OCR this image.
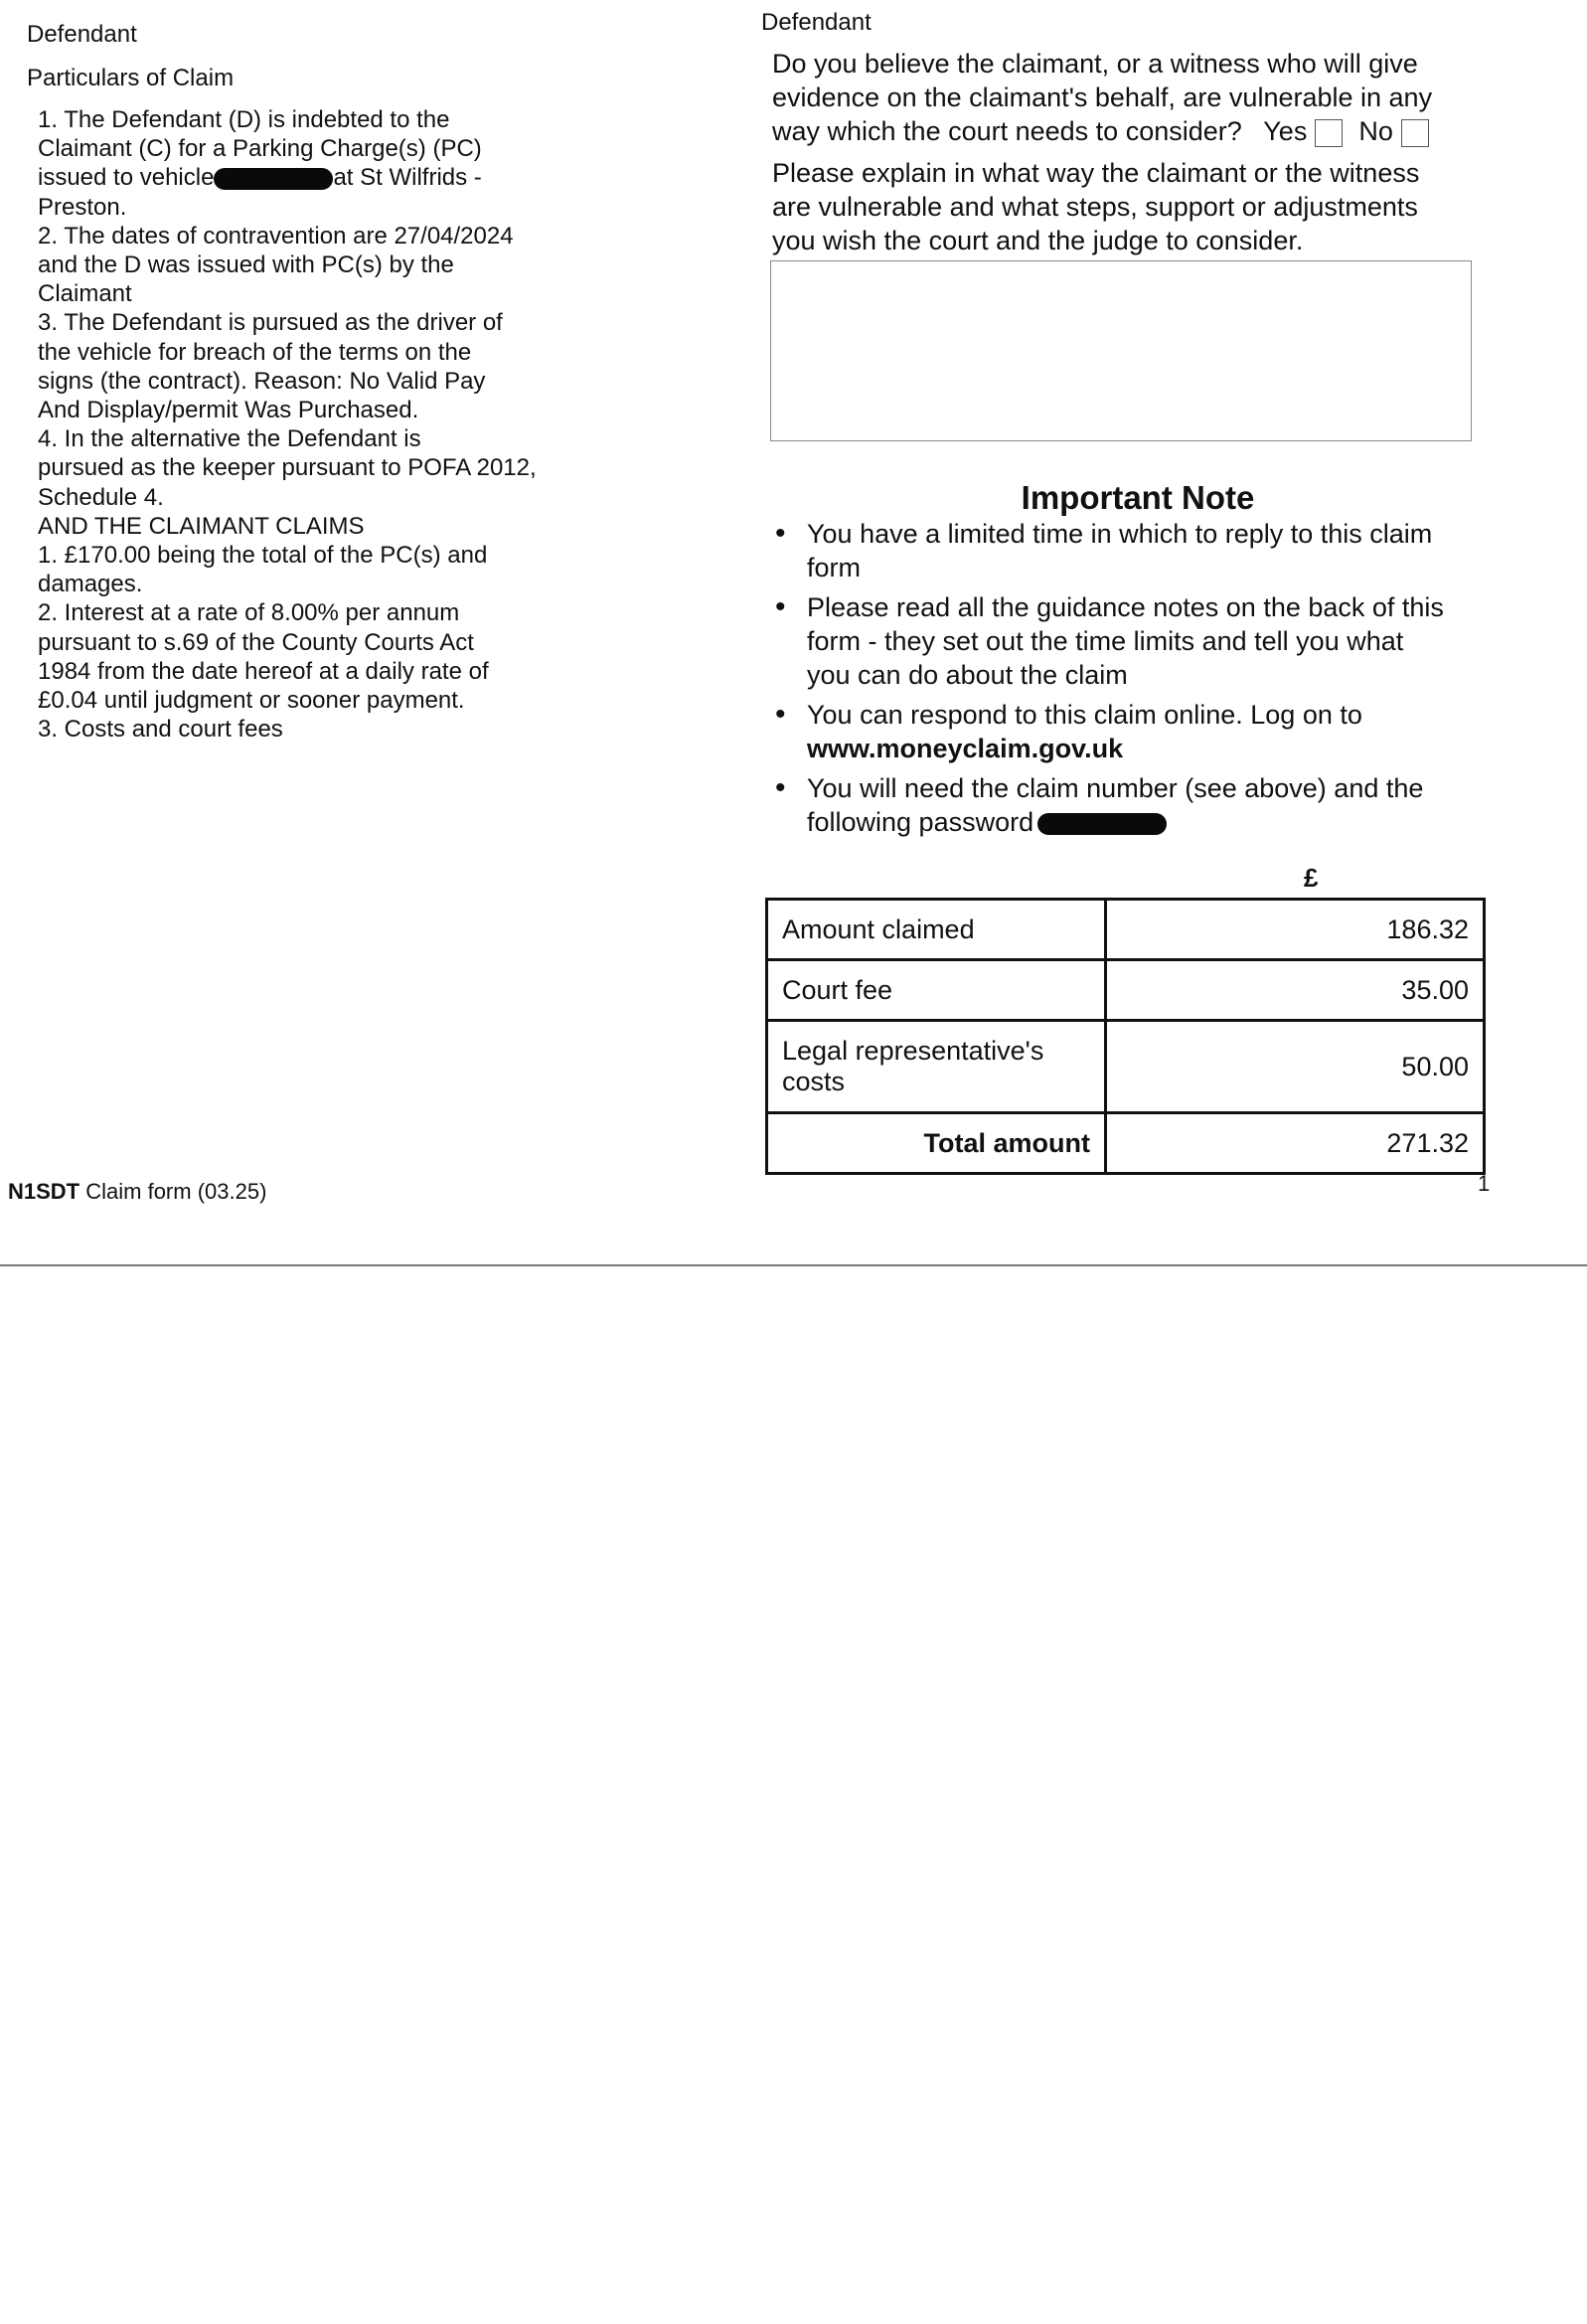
Defendant
Particulars of Claim
1. The Defendant (D) is indebted to the
Claimant (C) for a Parking Charge(s) (PC)
issued to vehicle	at St Wilfrids -
Preston.
2. The dates of contravention are 27/04/2024
and the D was issued with PC(s) by the
Claimant
3. The Defendant is pursued as the driver of
the vehicle for breach of the terms on the
signs (the contract). Reason: No Valid Pay
And Display/permit Was Purchased.
4. In the alternative the Defendant is
pursued as the keeper pursuant to POFA 2012,
Schedule 4.
AND THE CLAIMANT CLAIMS
1. £170.00 being the total of the PC(s) and
damages.
2. Interest at a rate of 8.00% per annum
pursuant to s.69 of the County Courts Act
1984 from the date hereof at a daily rate of
£0.04 until judgment or sooner payment.
3. Costs and court fees
Defendant
Do you believe the claimant, or a witness who will give
evidence on the claimant's behalf, are vulnerable in any
way which the court needs to consider? Yes No
Please explain in what way the claimant or the witness
are vulnerable and what steps, support or adjustments
you wish the court and the judge to consider.
Important Note
• You have a limited time in which to reply to this claim
form
• Please read all the guidance notes on the back of this
form - they set out the time limits and tell you what
you can do about the claim
• You can respond to this claim online. Log on to
www.moneyclaim.gov.uk
• You will need the claim number (see above) and the
following password
£
Amount claimed	186.32
Court fee	35.00

Legal representative's
costs	50.00
Total amount	271.32
N1SDT Claim form (03.25)	1
